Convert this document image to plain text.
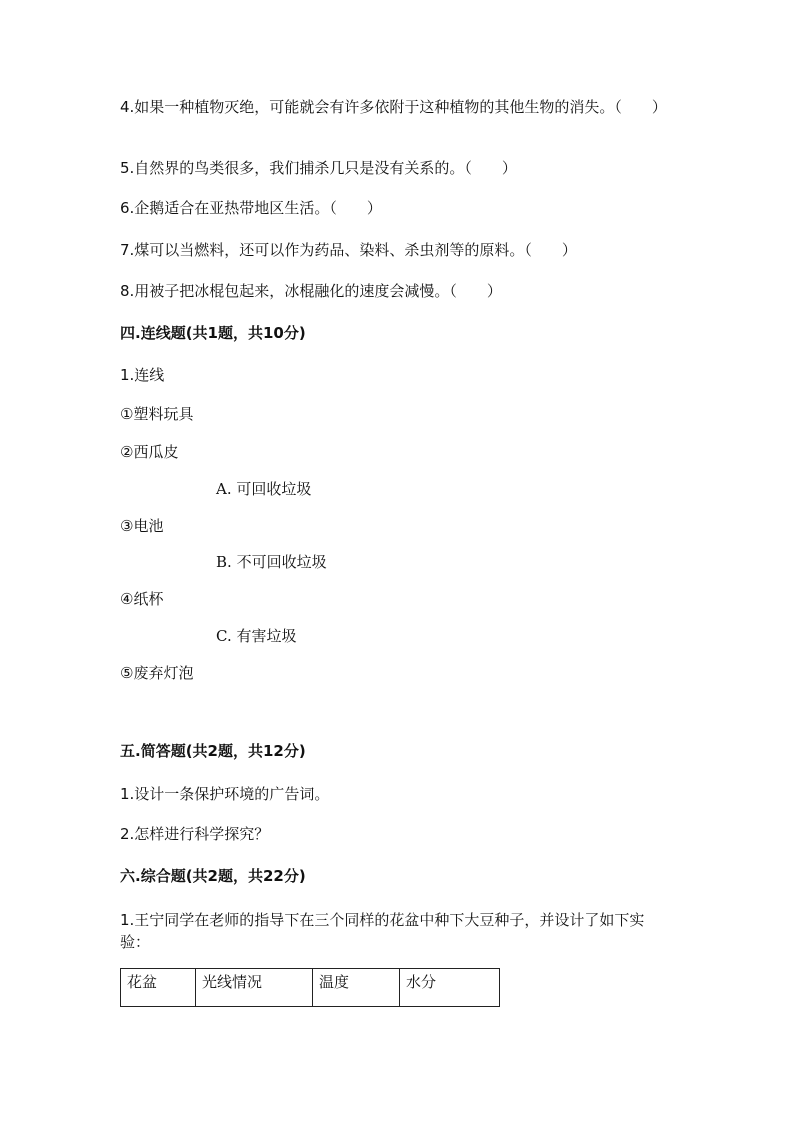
4.如果一种植物灭绝，可能就会有许多依附于这种植物的其他生物的消失。（　　）
5.自然界的鸟类很多，我们捕杀几只是没有关系的。（　　）
6.企鹅适合在亚热带地区生活。（　　）
7.煤可以当燃料，还可以作为药品、染料、杀虫剂等的原料。（　　）
8.用被子把冰棍包起来，冰棍融化的速度会减慢。（　　）
四.连线题(共1题，共10分)
1.连线
①塑料玩具
②西瓜皮
A. 可回收垃圾
③电池
B. 不可回收垃圾
④纸杯
C. 有害垃圾
⑤废弃灯泡
五.简答题(共2题，共12分)
1.设计一条保护环境的广告词。
2.怎样进行科学探究？
六.综合题(共2题，共22分)
1.王宁同学在老师的指导下在三个同样的花盆中种下大豆种子，并设计了如下实验：
花盆	光线情况	温度	水分
